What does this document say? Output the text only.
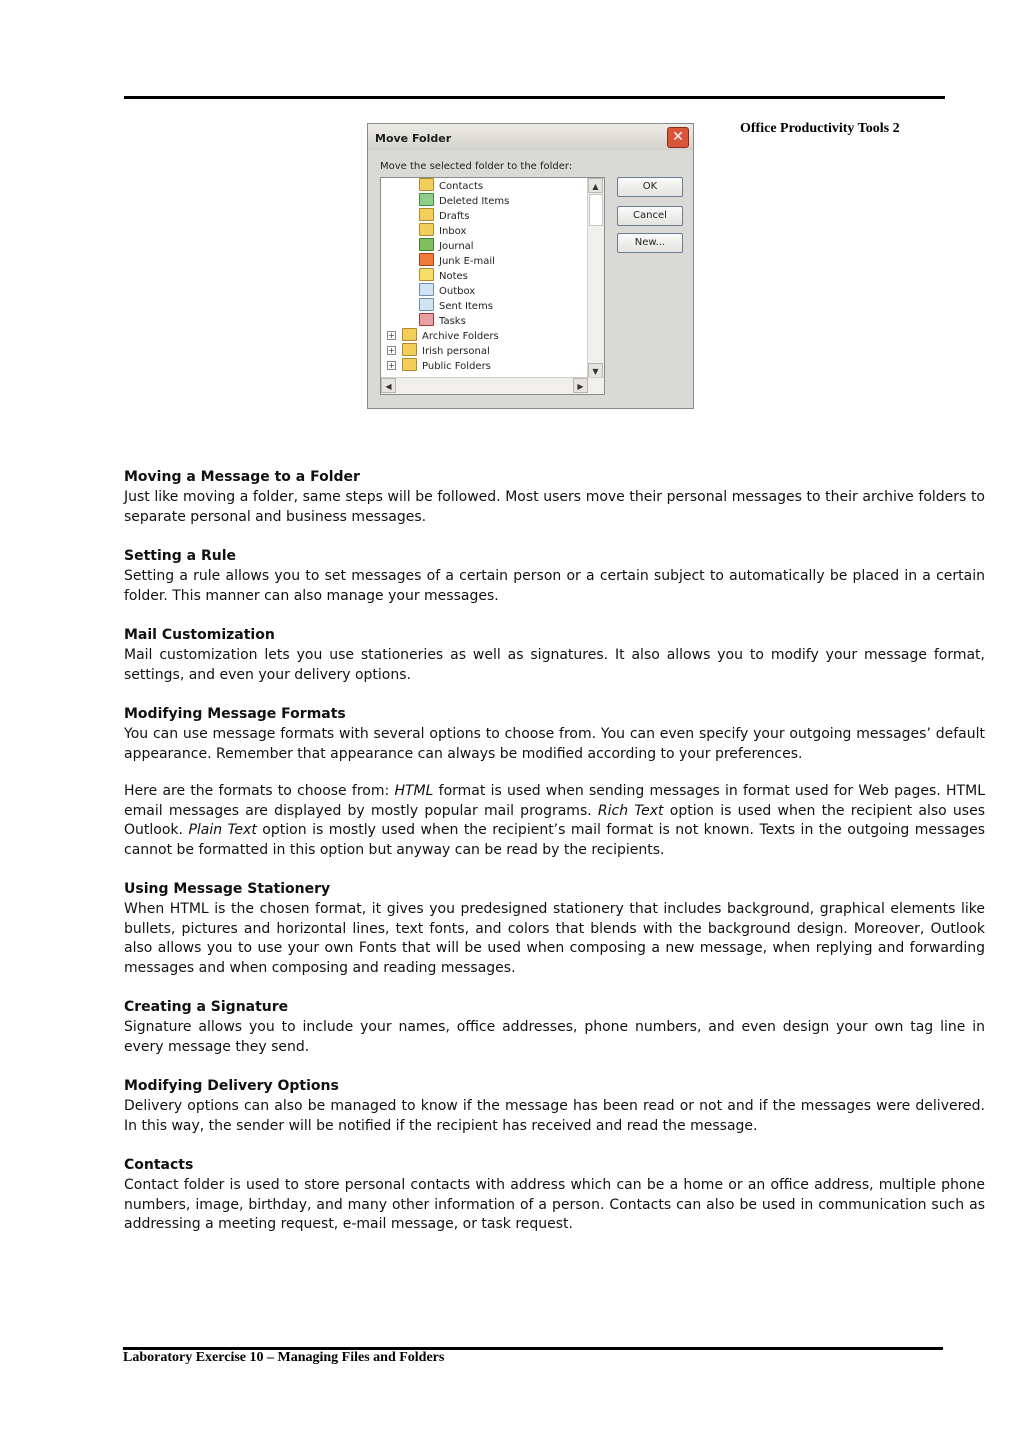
Office Productivity Tools 2
Move Folder	✕
Move the selected folder to the folder:
Contacts
Deleted Items
Drafts
Inbox
Journal
Junk E-mail
Notes
Outbox
Sent Items
Tasks
+	Archive Folders
+	Irish personal
+	Public Folders
▲
▼
◀	▶
OK
Cancel
New...
Moving a Message to a Folder

Just like moving a folder, same steps will be followed. Most users move their personal messages to their archive folders to separate personal and business messages.

Setting a Rule

Setting a rule allows you to set messages of a certain person or a certain subject to automatically be placed in a certain folder. This manner can also manage your messages.

Mail Customization

Mail customization lets you use stationeries as well as signatures. It also allows you to modify your message format, settings, and even your delivery options.

Modifying Message Formats

You can use message formats with several options to choose from. You can even specify your outgoing messages’ default appearance. Remember that appearance can always be modified according to your preferences.

Here are the formats to choose from: HTML format is used when sending messages in format used for Web pages. HTML email messages are displayed by mostly popular mail programs. Rich Text option is used when the recipient also uses Outlook. Plain Text option is mostly used when the recipient’s mail format is not known. Texts in the outgoing messages cannot be formatted in this option but anyway can be read by the recipients.

Using Message Stationery

When HTML is the chosen format, it gives you predesigned stationery that includes background, graphical elements like bullets, pictures and horizontal lines, text fonts, and colors that blends with the background design. Moreover, Outlook also allows you to use your own Fonts that will be used when composing a new message, when replying and forwarding messages and when composing and reading messages.

Creating a Signature

Signature allows you to include your names, office addresses, phone numbers, and even design your own tag line in every message they send.

Modifying Delivery Options

Delivery options can also be managed to know if the message has been read or not and if the messages were delivered. In this way, the sender will be notified if the recipient has received and read the message.

Contacts

Contact folder is used to store personal contacts with address which can be a home or an office address, multiple phone numbers, image, birthday, and many other information of a person. Contacts can also be used in communication such as addressing a meeting request, e-mail message, or task request.

Laboratory Exercise 10 – Managing Files and Folders
